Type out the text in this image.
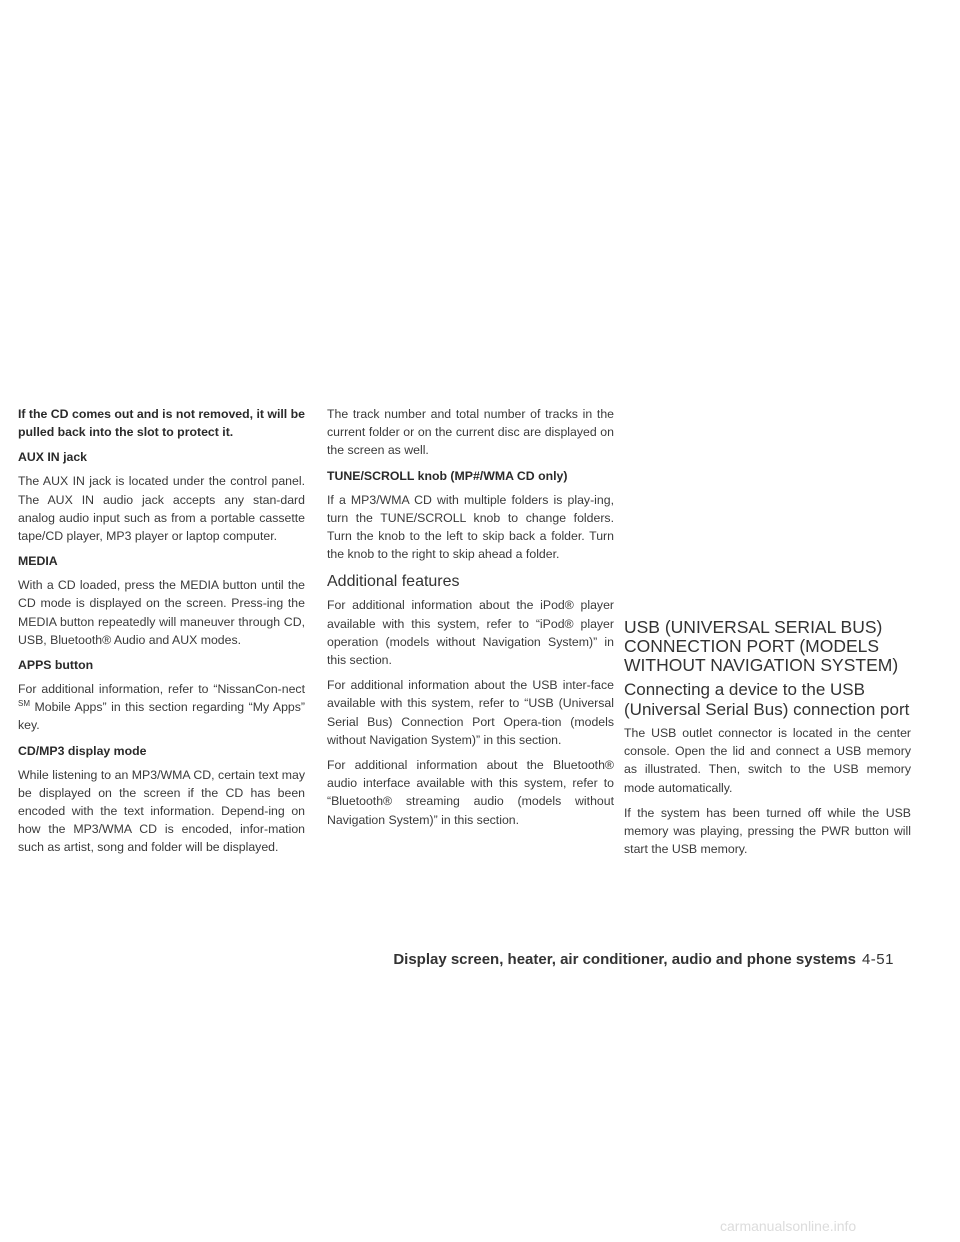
If the CD comes out and is not removed, it will be pulled back into the slot to protect it.

AUX IN jack

The AUX IN jack is located under the control panel. The AUX IN audio jack accepts any stan-dard analog audio input such as from a portable cassette tape/CD player, MP3 player or laptop computer.

MEDIA

With a CD loaded, press the MEDIA button until the CD mode is displayed on the screen. Press-ing the MEDIA button repeatedly will maneuver through CD, USB, Bluetooth® Audio and AUX modes.

APPS button

For additional information, refer to “NissanCon-nect ℠ Mobile Apps” in this section regarding “My Apps” key.

CD/MP3 display mode

While listening to an MP3/WMA CD, certain text may be displayed on the screen if the CD has been encoded with the text information. Depend-ing on how the MP3/WMA CD is encoded, infor-mation such as artist, song and folder will be displayed.

The track number and total number of tracks in the current folder or on the current disc are displayed on the screen as well.

TUNE/SCROLL knob (MP#/WMA CD only)

If a MP3/WMA CD with multiple folders is play-ing, turn the TUNE/SCROLL knob to change folders. Turn the knob to the left to skip back a folder. Turn the knob to the right to skip ahead a folder.

Additional features

For additional information about the iPod® player available with this system, refer to “iPod® player operation (models without Navigation System)” in this section.

For additional information about the USB inter-face available with this system, refer to “USB (Universal Serial Bus) Connection Port Opera-tion (models without Navigation System)” in this section.

For additional information about the Bluetooth® audio interface available with this system, refer to “Bluetooth® streaming audio (models without Navigation System)” in this section.

USB (UNIVERSAL SERIAL BUS) CONNECTION PORT (MODELS WITHOUT NAVIGATION SYSTEM)
Connecting a device to the USB (Universal Serial Bus) connection port

The USB outlet connector is located in the center console. Open the lid and connect a USB memory as illustrated. Then, switch to the USB memory mode automatically.

If the system has been turned off while the USB memory was playing, pressing the PWR button will start the USB memory.

Display screen, heater, air conditioner, audio and phone systems 4-51
carmanualsonline.info
